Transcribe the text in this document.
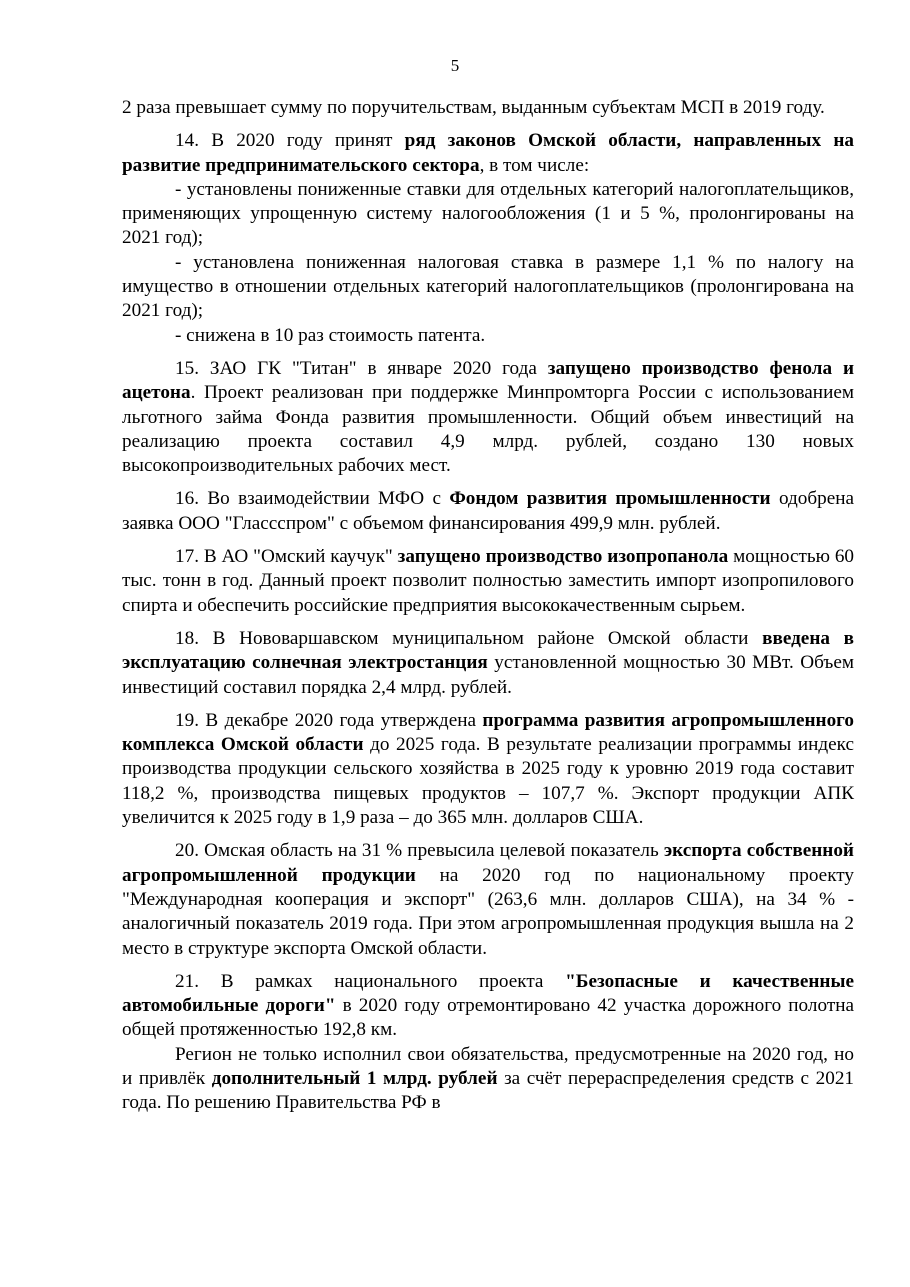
5

2 раза превышает сумму по поручительствам, выданным субъектам МСП в 2019 году.

14. В 2020 году принят ряд законов Омской области, направленных на развитие предпринимательского сектора, в том числе:

- установлены пониженные ставки для отдельных категорий налогоплательщиков, применяющих упрощенную систему налогообложения (1 и 5 %, пролонгированы на 2021 год);

- установлена пониженная налоговая ставка в размере 1,1 % по налогу на имущество в отношении отдельных категорий налогоплательщиков (пролонгирована на 2021 год);

- снижена в 10 раз стоимость патента.

15. ЗАО ГК "Титан" в январе 2020 года запущено производство фенола и ацетона. Проект реализован при поддержке Минпромторга России с использованием льготного займа Фонда развития промышленности. Общий объем инвестиций на реализацию проекта составил 4,9 млрд. рублей, создано 130 новых высокопроизводительных рабочих мест.

16. Во взаимодействии МФО с Фондом развития промышленности одобрена заявка ООО "Глассспром" с объемом финансирования 499,9 млн. рублей.

17. В АО "Омский каучук" запущено производство изопропанола мощностью 60 тыс. тонн в год. Данный проект позволит полностью заместить импорт изопропилового спирта и обеспечить российские предприятия высококачественным сырьем.

18. В Нововаршавском муниципальном районе Омской области введена в эксплуатацию солнечная электростанция установленной мощностью 30 МВт. Объем инвестиций составил порядка 2,4 млрд. рублей.

19. В декабре 2020 года утверждена программа развития агропромышленного комплекса Омской области до 2025 года. В результате реализации программы индекс производства продукции сельского хозяйства в 2025 году к уровню 2019 года составит 118,2 %, производства пищевых продуктов – 107,7 %. Экспорт продукции АПК увеличится к 2025 году в 1,9 раза – до 365 млн. долларов США.

20. Омская область на 31 % превысила целевой показатель экспорта собственной агропромышленной продукции на 2020 год по национальному проекту "Международная кооперация и экспорт" (263,6 млн. долларов США), на 34 % - аналогичный показатель 2019 года. При этом агропромышленная продукция вышла на 2 место в структуре экспорта Омской области.

21. В рамках национального проекта "Безопасные и качественные автомобильные дороги" в 2020 году отремонтировано 42 участка дорожного полотна общей протяженностью 192,8 км.

Регион не только исполнил свои обязательства, предусмотренные на 2020 год, но и привлёк дополнительный 1 млрд. рублей за счёт перераспределения средств с 2021 года. По решению Правительства РФ в
